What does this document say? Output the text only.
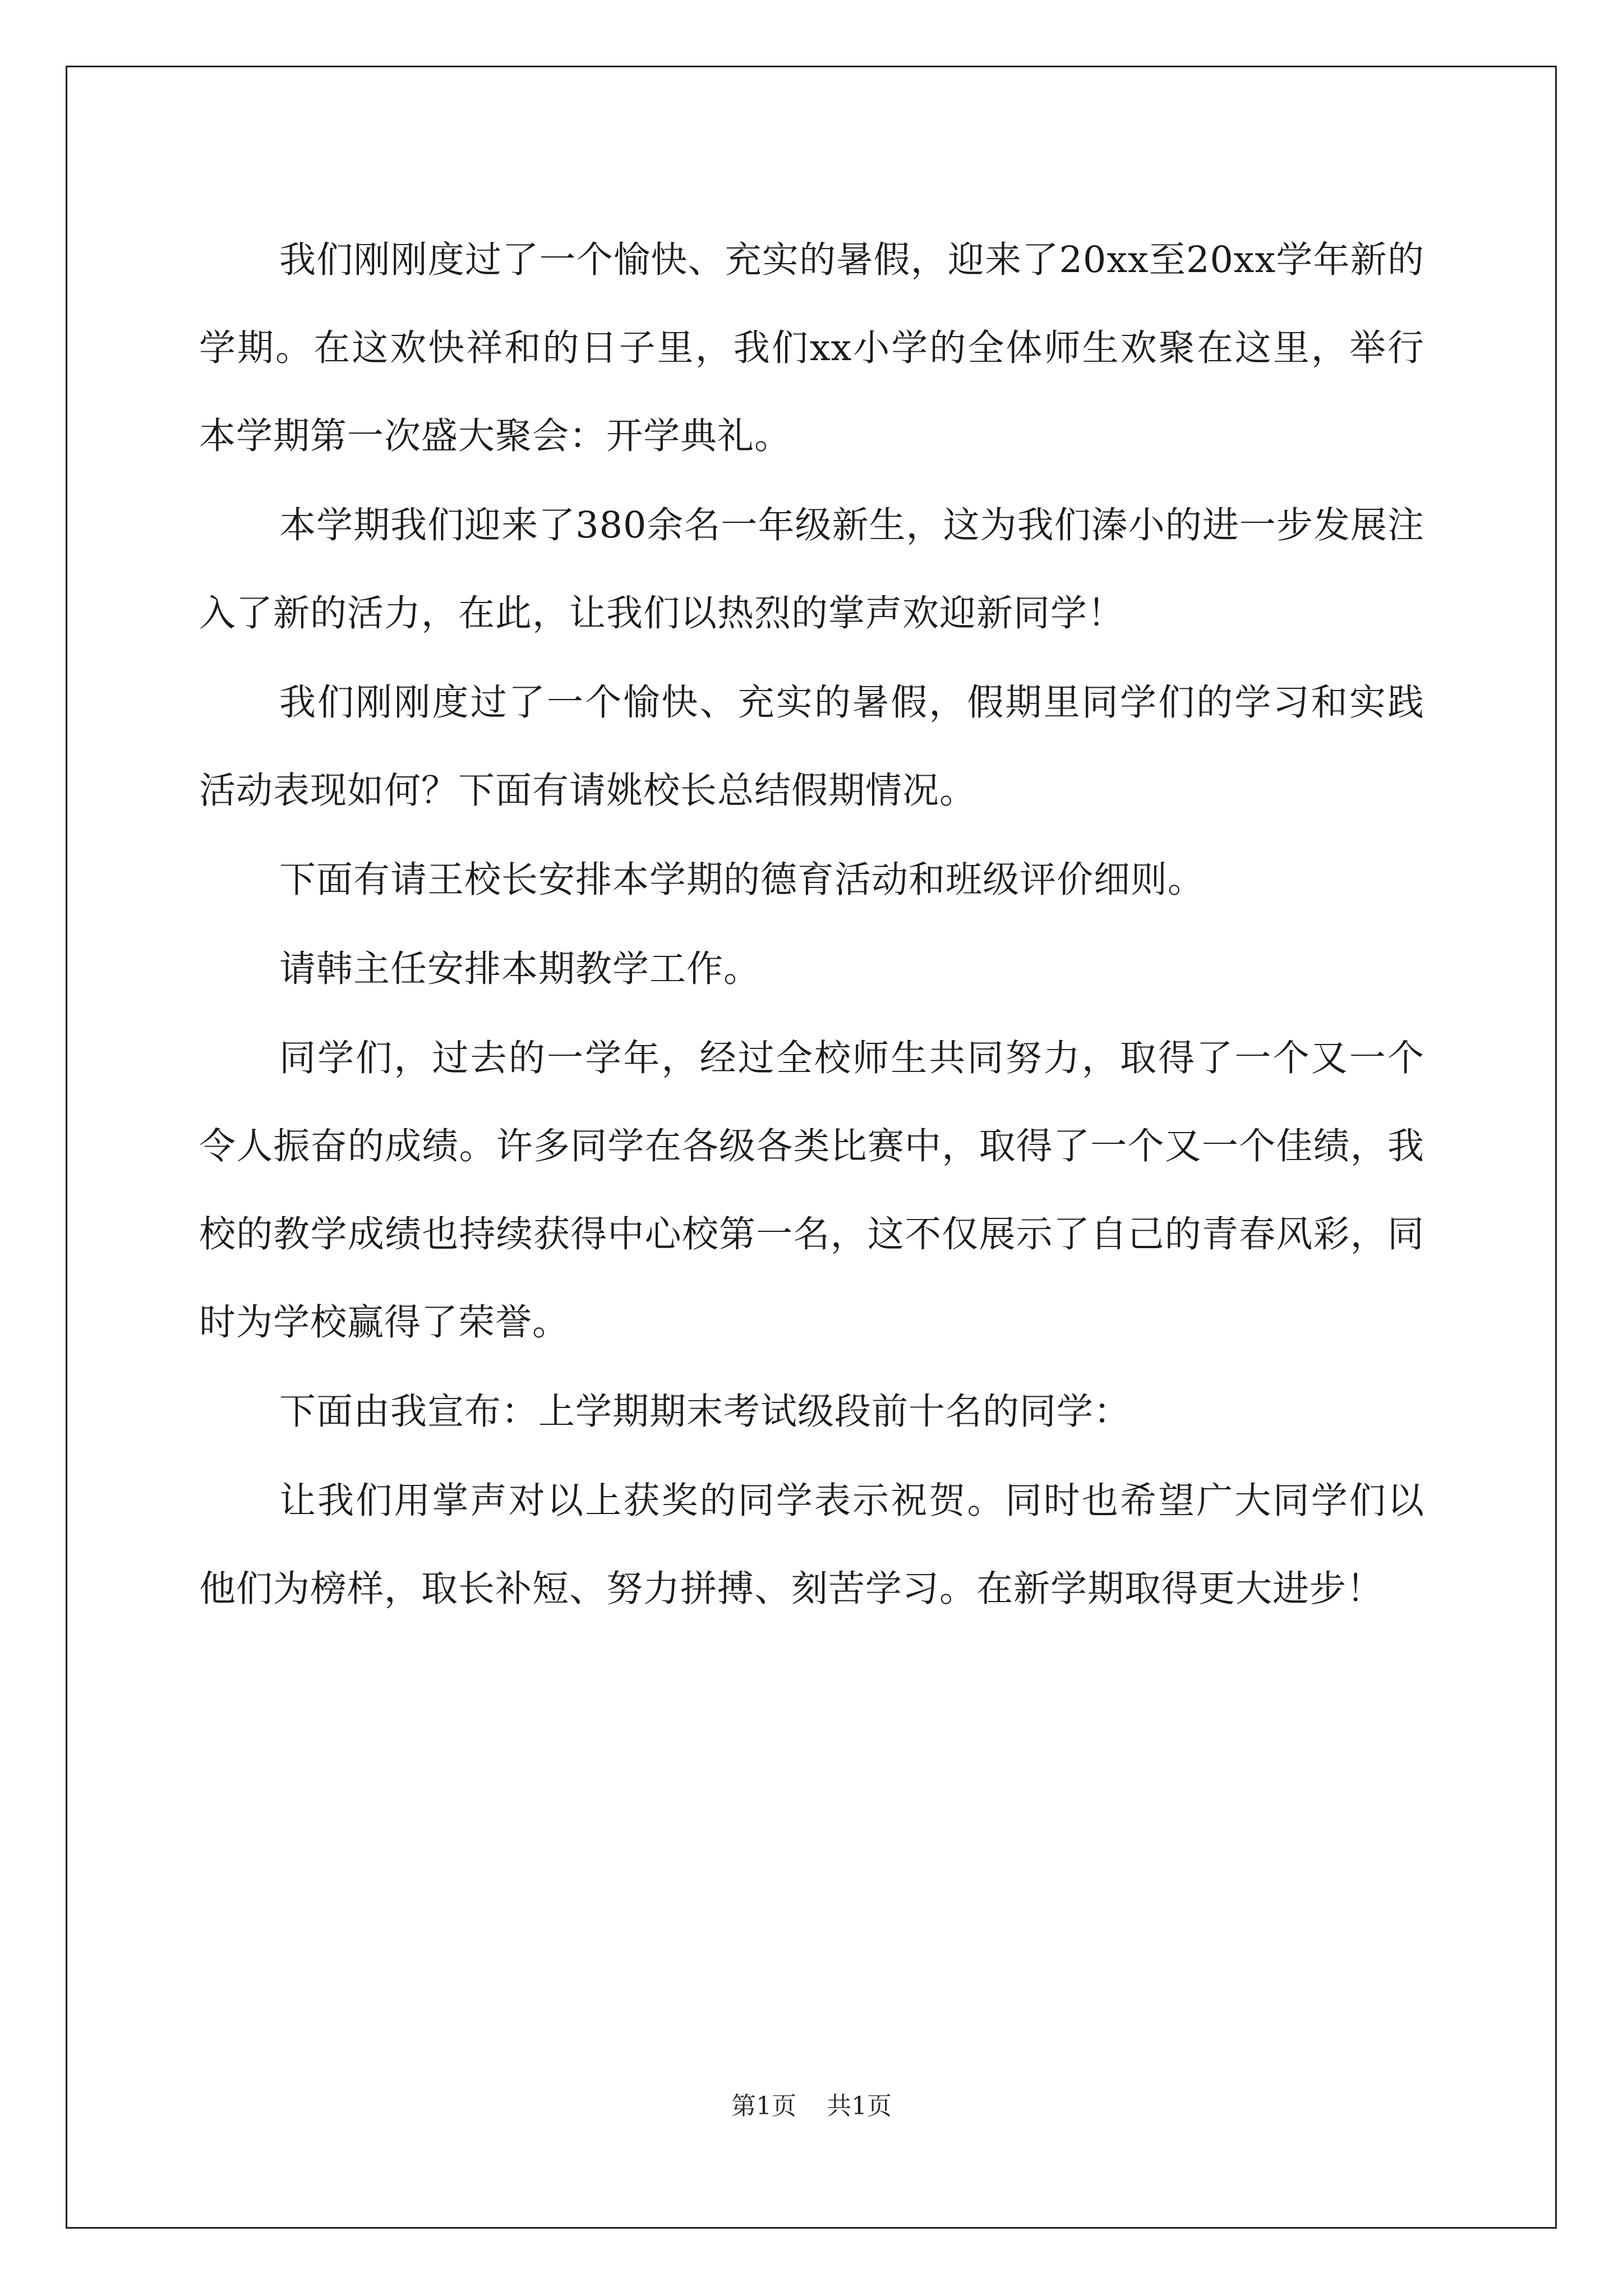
我们刚刚度过了一个愉快、充实的暑假，迎来了20xx至20xx学年新的学期。在这欢快祥和的日子里，我们xx小学的全体师生欢聚在这里，举行本学期第一次盛大聚会：开学典礼。

本学期我们迎来了380余名一年级新生，这为我们溱小的进一步发展注入了新的活力，在此，让我们以热烈的掌声欢迎新同学！

我们刚刚度过了一个愉快、充实的暑假，假期里同学们的学习和实践活动表现如何？下面有请姚校长总结假期情况。

下面有请王校长安排本学期的德育活动和班级评价细则。

请韩主任安排本期教学工作。

同学们，过去的一学年，经过全校师生共同努力，取得了一个又一个令人振奋的成绩。许多同学在各级各类比赛中，取得了一个又一个佳绩，我校的教学成绩也持续获得中心校第一名，这不仅展示了自己的青春风彩，同时为学校赢得了荣誉。

下面由我宣布：上学期期末考试级段前十名的同学：

让我们用掌声对以上获奖的同学表示祝贺。同时也希望广大同学们以他们为榜样，取长补短、努力拼搏、刻苦学习。在新学期取得更大进步！

第1页 共1页
